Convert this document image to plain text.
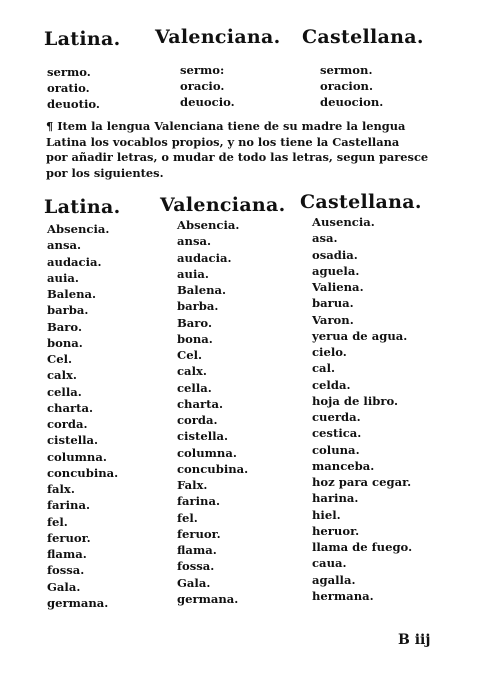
Latina. Valenciana. Castellana.
sermo.
oratio.
deuotio.
sermo:
oracio.
deuocio.
sermon.
oracion.
deuocion.
¶ Item la lengua Valenciana tiene de su madre la lengua
Latina los vocablos propios, y no los tiene la Castellana
por añadir letras, o mudar de todo las letras, segun paresce
por los siguientes.
Latina. Valenciana. Castellana.
Absencia.
ansa.
audacia.
auia.
Balena.
barba.
Baro.
bona.
Cel.
calx.
cella.
charta.
corda.
cistella.
columna.
concubina.
falx.
farina.
fel.
feruor.
flama.
fossa.
Gala.
germana.
Absencia.
ansa.
audacia.
auia.
Balena.
barba.
Baro.
bona.
Cel.
calx.
cella.
charta.
corda.
cistella.
columna.
concubina.
Falx.
farina.
fel.
feruor.
flama.
fossa.
Gala.
germana.
Ausencia.
asa.
osadia.
aguela.
Valiena.
barua.
Varon.
yerua de agua.
cielo.
cal.
celda.
hoja de libro.
cuerda.
cestica.
coluna.
manceba.
hoz para cegar.
harina.
hiel.
heruor.
llama de fuego.
caua.
agalla.
hermana.
B iij
